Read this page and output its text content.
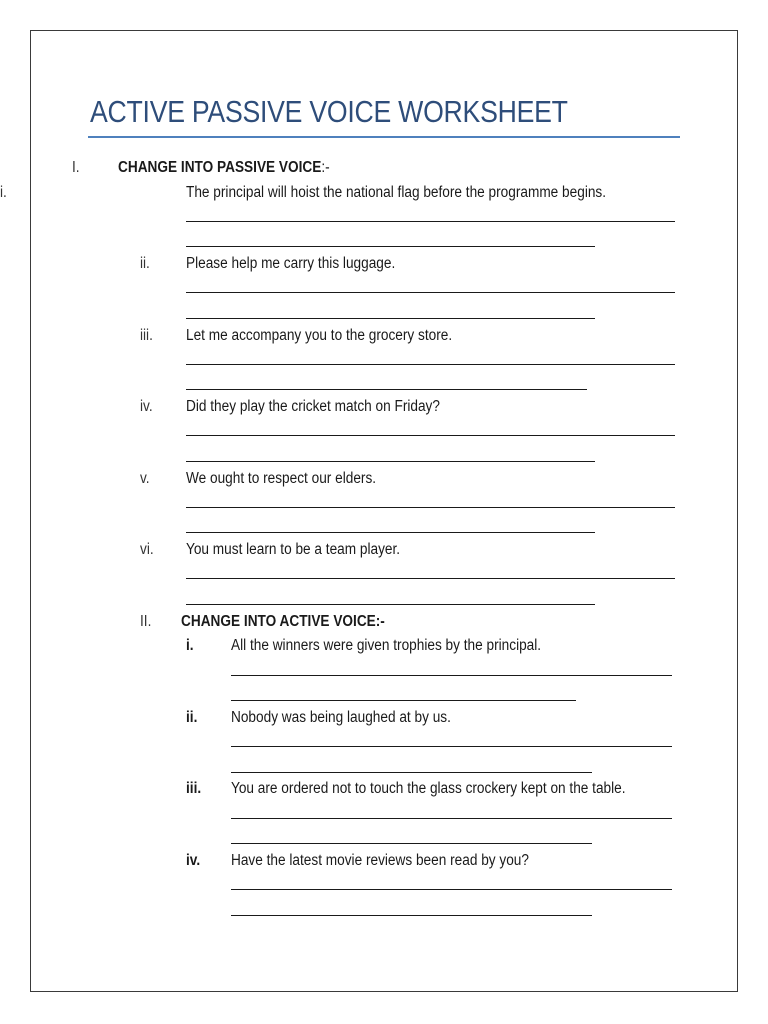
ACTIVE PASSIVE VOICE WORKSHEET
I. CHANGE INTO PASSIVE VOICE:-
i.	The principal will hoist the national flag before the programme begins.
ii. Please help me carry this luggage.
iii. Let me accompany you to the grocery store.
iv. Did they play the cricket match on Friday?
v. We ought to respect our elders.
vi. You must learn to be a team player.
II. CHANGE INTO ACTIVE VOICE:-
i. All the winners were given trophies by the principal.
ii. Nobody was being laughed at by us.
iii. You are ordered not to touch the glass crockery kept on the table.
iv. Have the latest movie reviews been read by you?
